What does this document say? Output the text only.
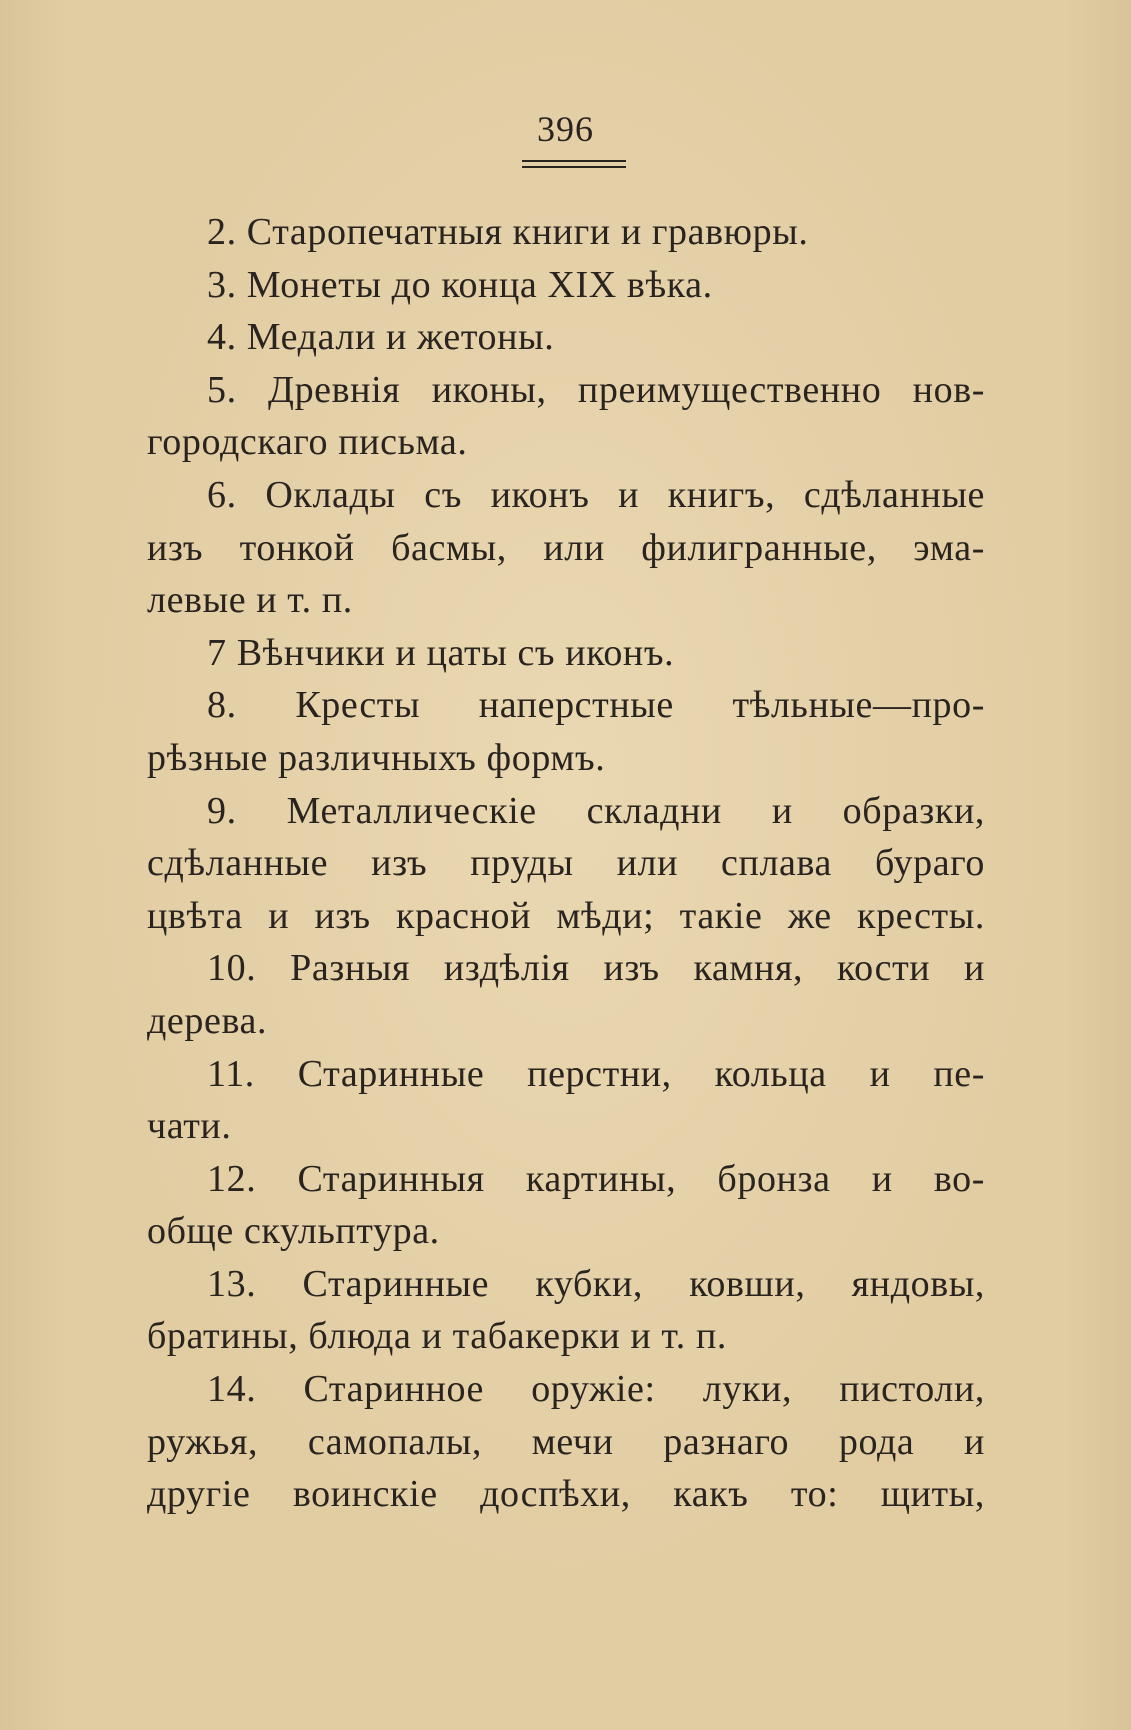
396
2. Старопечатныя книги и гравюры.
3. Монеты до конца XIX вѣка.
4. Медали и жетоны.
5. Древнія иконы, преимущественно нов-
городскаго письма.
6. Оклады съ иконъ и книгъ, сдѣланные
изъ тонкой басмы, или филигранные, эма-
левые и т. п.
7 Вѣнчики и цаты съ иконъ.
8. Кресты наперстные тѣльные—про-
рѣзные различныхъ формъ.
9. Металлическіе складни и образки,
сдѣланные изъ пруды или сплава бураго
цвѣта и изъ красной мѣди; такіе же кресты.
10. Разныя издѣлія изъ камня, кости и
дерева.
11. Старинные перстни, кольца и пе-
чати.
12. Старинныя картины, бронза и во-
обще скульптура.
13. Старинные кубки, ковши, яндовы,
братины, блюда и табакерки и т. п.
14. Старинное оружіе: луки, пистоли,
ружья, самопалы, мечи разнаго рода и
другіе воинскіе доспѣхи, какъ то: щиты,
